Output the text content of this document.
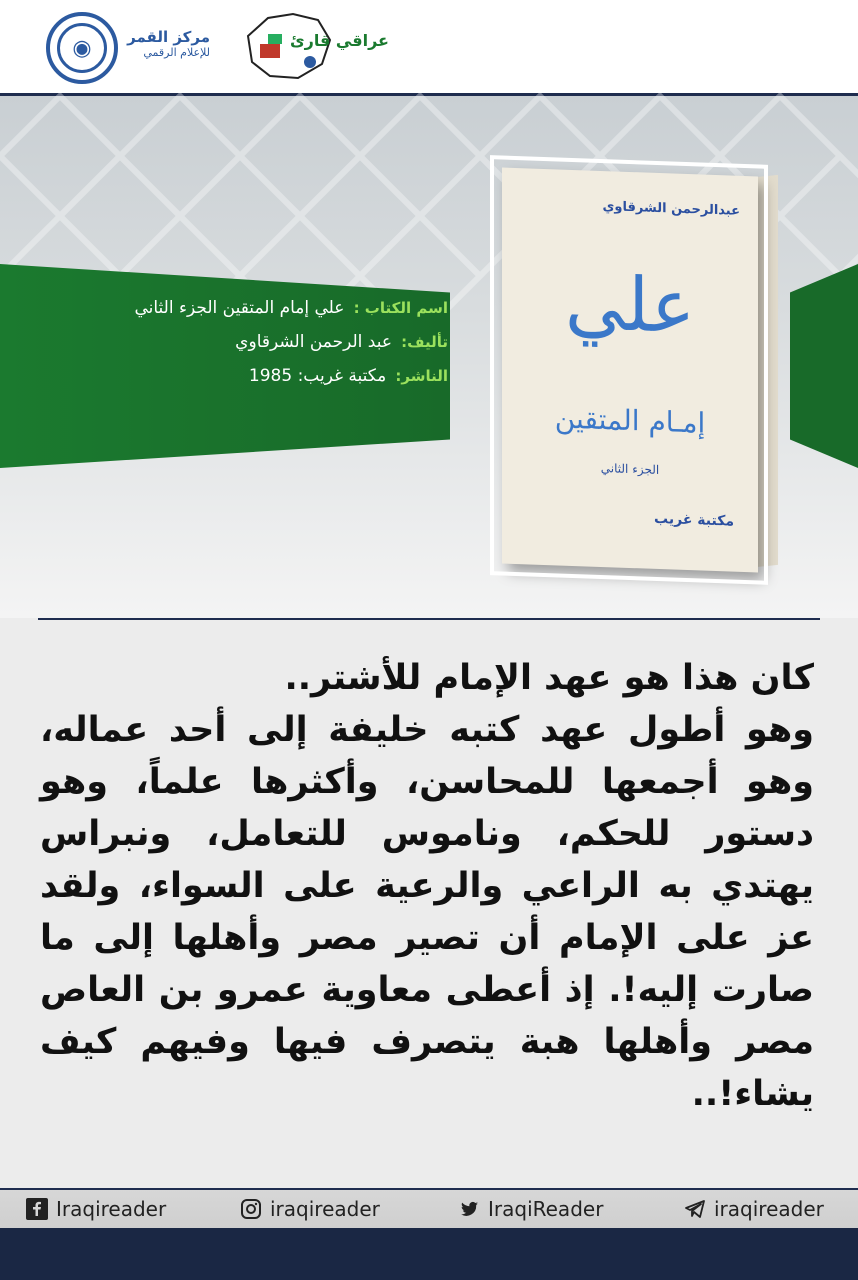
◉	مركز القمر
للإعلام الرقمي
عراقي قارئ
اسم الكتاب : علي إمام المتقين الجزء الثاني
تأليف: عبد الرحمن الشرقاوي
الناشر: مكتبة غريب: 1985
عبدالرحمن الشرقاوي
علي
إمـام المتقين
الجزء الثاني
مكتبة غريب

كان هذا هو عهد الإمام للأشتر..

وهو أطول عهد كتبه خليفة إلى أحد عماله، وهو أجمعها للمحاسن، وأكثرها علماً، وهو دستور للحكم، وناموس للتعامل، ونبراس يهتدي به الراعي والرعية على السواء، ولقد عز على الإمام أن تصير مصر وأهلها إلى ما صارت إليه!. إذ أعطى معاوية عمرو بن العاص مصر وأهلها هبة يتصرف فيها وفيهم كيف يشاء!..

Iraqireader	iraqireader	IraqiReader	iraqireader
